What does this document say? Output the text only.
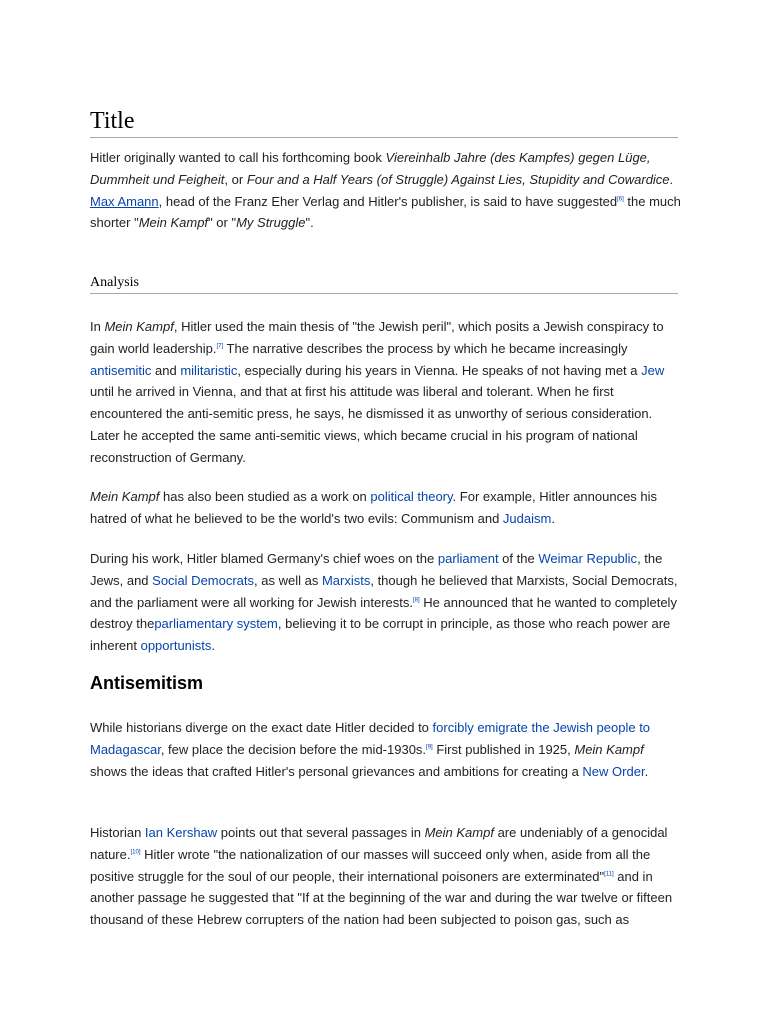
Title
Hitler originally wanted to call his forthcoming book Viereinhalb Jahre (des Kampfes) gegen Lüge, Dummheit und Feigheit, or Four and a Half Years (of Struggle) Against Lies, Stupidity and Cowardice. Max Amann, head of the Franz Eher Verlag and Hitler's publisher, is said to have suggested[6] the much shorter "Mein Kampf" or "My Struggle".
Analysis
In Mein Kampf, Hitler used the main thesis of "the Jewish peril", which posits a Jewish conspiracy to gain world leadership.[7] The narrative describes the process by which he became increasingly antisemitic and militaristic, especially during his years in Vienna. He speaks of not having met a Jew until he arrived in Vienna, and that at first his attitude was liberal and tolerant. When he first encountered the anti-semitic press, he says, he dismissed it as unworthy of serious consideration. Later he accepted the same anti-semitic views, which became crucial in his program of national reconstruction of Germany.
Mein Kampf has also been studied as a work on political theory. For example, Hitler announces his hatred of what he believed to be the world's two evils: Communism and Judaism.
During his work, Hitler blamed Germany's chief woes on the parliament of the Weimar Republic, the Jews, and Social Democrats, as well as Marxists, though he believed that Marxists, Social Democrats, and the parliament were all working for Jewish interests.[8] He announced that he wanted to completely destroy theparliamentary system, believing it to be corrupt in principle, as those who reach power are inherent opportunists.
Antisemitism
While historians diverge on the exact date Hitler decided to forcibly emigrate the Jewish people to Madagascar, few place the decision before the mid-1930s.[9] First published in 1925, Mein Kampf shows the ideas that crafted Hitler's personal grievances and ambitions for creating a New Order.
Historian Ian Kershaw points out that several passages in Mein Kampf are undeniably of a genocidal nature.[10] Hitler wrote "the nationalization of our masses will succeed only when, aside from all the positive struggle for the soul of our people, their international poisoners are exterminated"[11] and in another passage he suggested that "If at the beginning of the war and during the war twelve or fifteen thousand of these Hebrew corrupters of the nation had been subjected to poison gas, such as
